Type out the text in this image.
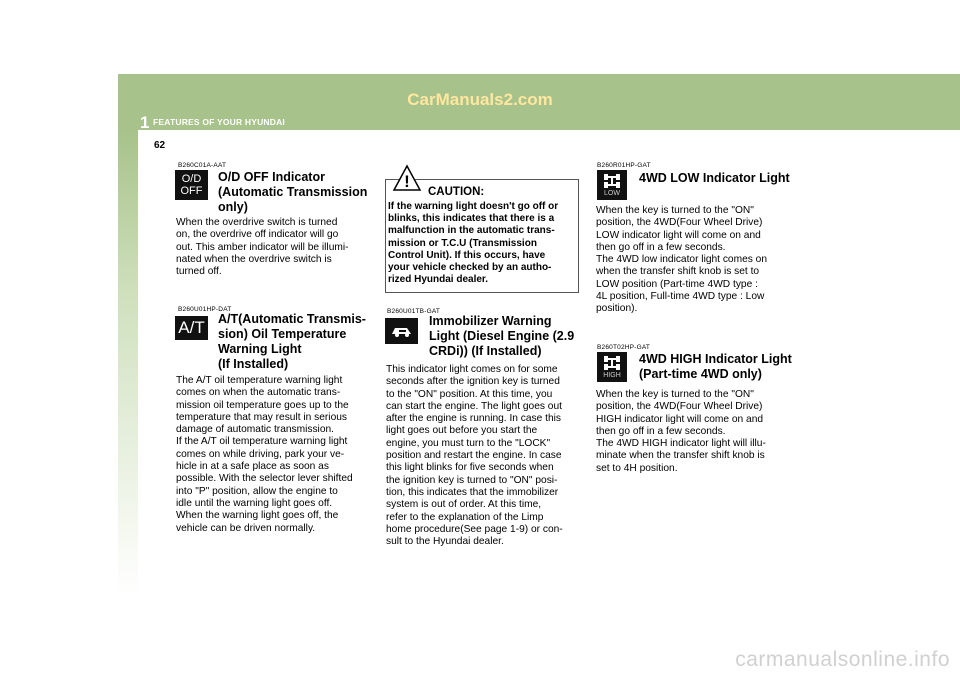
1 FEATURES OF YOUR HYUNDAI
CarManuals2.com
62
B260C01A-AAT
O/D
OFF
O/D OFF Indicator
(Automatic Transmission
only)

When the overdrive switch is turned

on, the overdrive off indicator will go

out. This amber indicator will be illumi-

nated when the overdrive switch is

turned off.

B260U01HP-DAT
A/T A/T(Automatic Transmis-
sion) Oil Temperature
Warning Light
(If Installed)

The A/T oil temperature warning light

comes on when the automatic trans-

mission oil temperature goes up to the

temperature that may result in serious

damage of automatic transmission.

If the A/T oil temperature warning light

comes on while driving, park your ve-

hicle in at a safe place as soon as

possible. With the selector lever shifted

into "P" position, allow the engine to

idle until the warning light goes off.

When the warning light goes off, the

vehicle can be driven normally.

!
CAUTION:
If the warning light doesn't go off or
blinks, this indicates that there is a
malfunction in the automatic trans-
mission or T.C.U (Transmission
Control Unit). If this occurs, have
your vehicle checked by an autho-
rized Hyundai dealer.
B260U01TB-GAT
Immobilizer Warning
Light (Diesel Engine (2.9
CRDi)) (If Installed)

This indicator light comes on for some

seconds after the ignition key is turned

to the "ON" position. At this time, you

can start the engine. The light goes out

after the engine is running. In case this

light goes out before you start the

engine, you must turn to the "LOCK"

position and restart the engine. In case

this light blinks for five seconds when

the ignition key is turned to "ON" posi-

tion, this indicates that the immobilizer

system is out of order. At this time,

refer to the explanation of the Limp

home procedure(See page 1-9) or con-

sult to the Hyundai dealer.

B260R01HP-GAT
LOW
4WD LOW Indicator Light

When the key is turned to the "ON"

position, the 4WD(Four Wheel Drive)

LOW indicator light will come on and

then go off in a few seconds.

The 4WD low indicator light comes on

when the transfer shift knob is set to

LOW position (Part-time 4WD type :

4L position, Full-time 4WD type : Low

position).

B260T02HP-GAT
HIGH
4WD HIGH Indicator Light
(Part-time 4WD only)

When the key is turned to the "ON"

position, the 4WD(Four Wheel Drive)

HIGH indicator light will come on and

then go off in a few seconds.

The 4WD HIGH indicator light will illu-

minate when the transfer shift knob is

set to 4H position.

carmanualsonline.info
